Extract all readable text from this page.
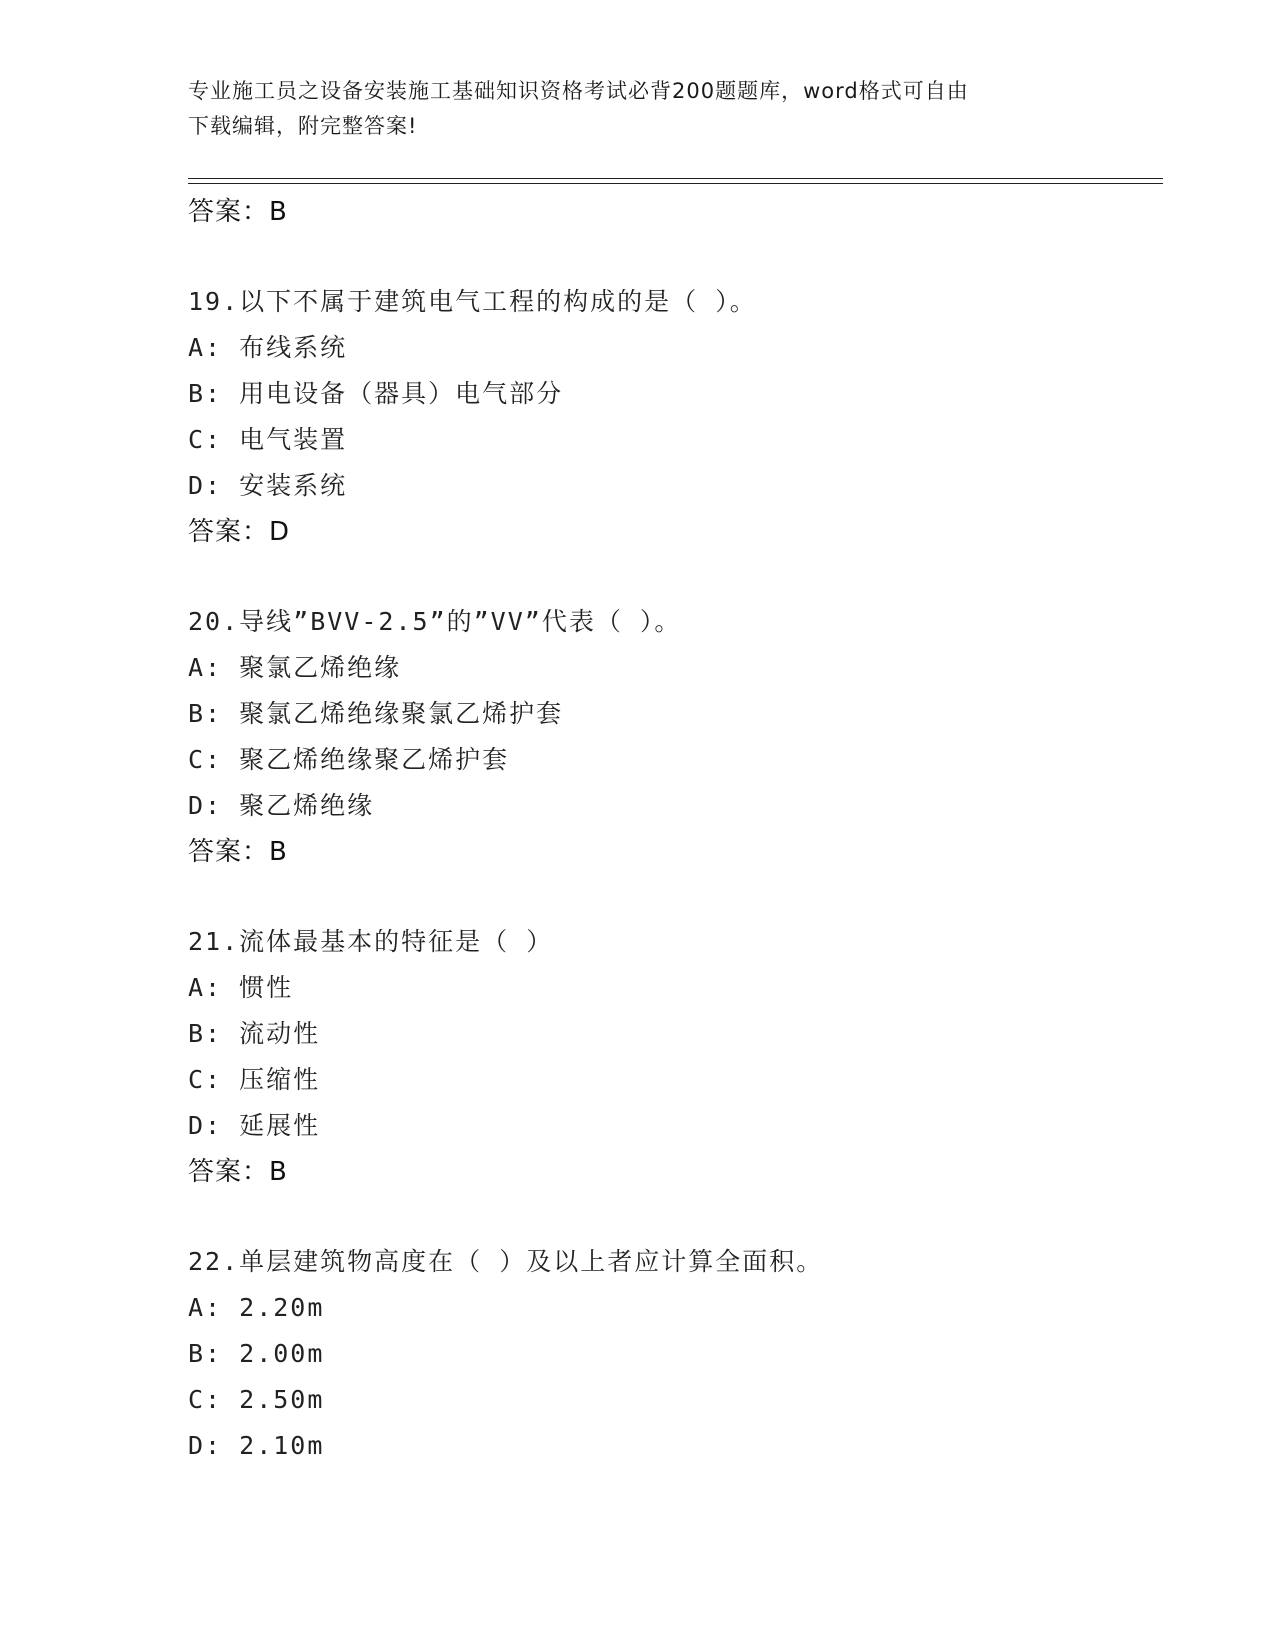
专业施工员之设备安装施工基础知识资格考试必背200题题库，word格式可自由
下载编辑，附完整答案!
答案：B
19.以下不属于建筑电气工程的构成的是（ ）。
A: 布线系统
B: 用电设备（器具）电气部分
C: 电气装置
D: 安装系统
答案：D
20.导线”BVV-2.5”的”VV”代表（ ）。
A: 聚氯乙烯绝缘
B: 聚氯乙烯绝缘聚氯乙烯护套
C: 聚乙烯绝缘聚乙烯护套
D: 聚乙烯绝缘
答案：B
21.流体最基本的特征是（ ）
A: 惯性
B: 流动性
C: 压缩性
D: 延展性
答案：B
22.单层建筑物高度在（ ）及以上者应计算全面积。
A: 2.20m
B: 2.00m
C: 2.50m
D: 2.10m
